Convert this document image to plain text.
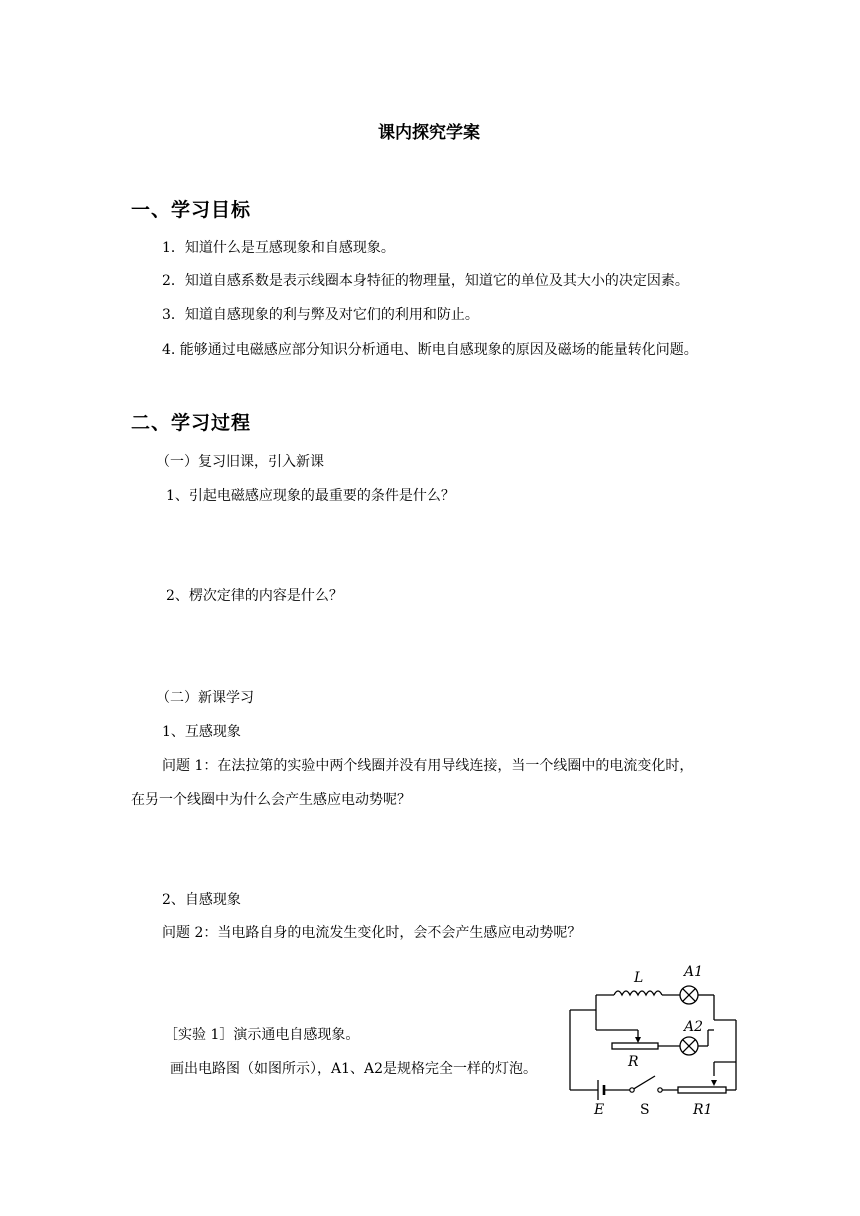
课内探究学案
一、学习目标
1．知道什么是互感现象和自感现象。
2．知道自感系数是表示线圈本身特征的物理量，知道它的单位及其大小的决定因素。
3．知道自感现象的利与弊及对它们的利用和防止。
4. 能够通过电磁感应部分知识分析通电、断电自感现象的原因及磁场的能量转化问题。
二、学习过程
（一）复习旧课，引入新课
1、引起电磁感应现象的最重要的条件是什么？
2、楞次定律的内容是什么？
（二）新课学习
1、互感现象
问题 1：在法拉第的实验中两个线圈并没有用导线连接，当一个线圈中的电流变化时，
在另一个线圈中为什么会产生感应电动势呢？
2、自感现象
问题 2：当电路自身的电流发生变化时，会不会产生感应电动势呢？
［实验 1］演示通电自感现象。
画出电路图（如图所示），A1、A2是规格完全一样的灯泡。
L	A1
A2
R
E	S	R1
